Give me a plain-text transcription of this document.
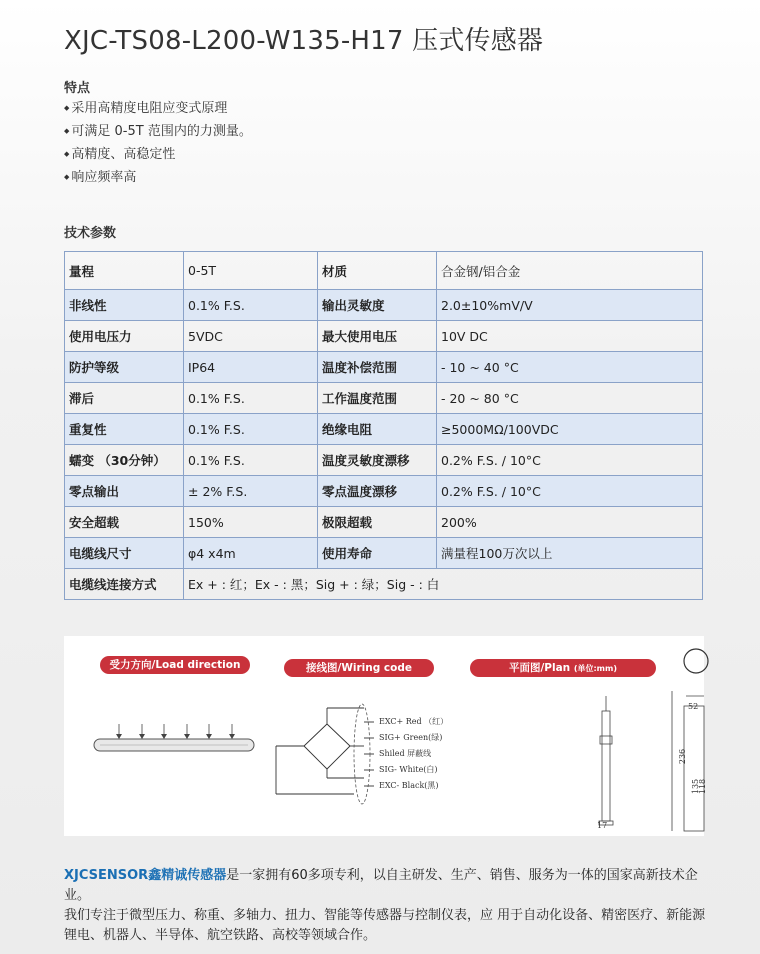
XJC-TS08-L200-W135-H17 压式传感器
特点
◆ 采用高精度电阻应变式原理
◆ 可满足 0-5T 范围内的力测量。
◆ 高精度、高稳定性
◆ 响应频率高
技术参数
量程	0-5T	材质	合金钢/铝合金
非线性	0.1% F.S.	输出灵敏度	2.0±10%mV/V
使用电压力	5VDC	最大使用电压	10V DC
防护等级	IP64	温度补偿范围	- 10 ~ 40 °C
滞后	0.1% F.S.	工作温度范围	- 20 ~ 80 °C
重复性	0.1% F.S.	绝缘电阻	≥5000MΩ/100VDC
蠕变 （30分钟）	0.1% F.S.	温度灵敏度漂移	0.2% F.S. / 10°C
零点输出	± 2% F.S.	零点温度漂移	0.2% F.S. / 10°C
安全超载	150%	极限超载	200%
电缆线尺寸	φ4 x4m	使用寿命	满量程100万次以上
电缆线连接方式	Ex + : 红；Ex - : 黑；Sig + : 绿；Sig - : 白		
受力方向/Load direction	接线图/Wiring code	平面图/Plan (单位:mm)
EXC+ Red （红）
SIG+ Green(绿)
Shiled 屏蔽线
SIG- White(白)
EXC- Black(黑)
52
236
135
118
17

XJCSENSOR鑫精诚传感器是一家拥有60多项专利，以自主研发、生产、销售、服务为一体的国家高新技术企业。
我们专注于微型压力、称重、多轴力、扭力、智能等传感器与控制仪表，应 用于自动化设备、精密医疗、新能源锂电、机器人、半导体、航空铁路、高校等领域合作。
